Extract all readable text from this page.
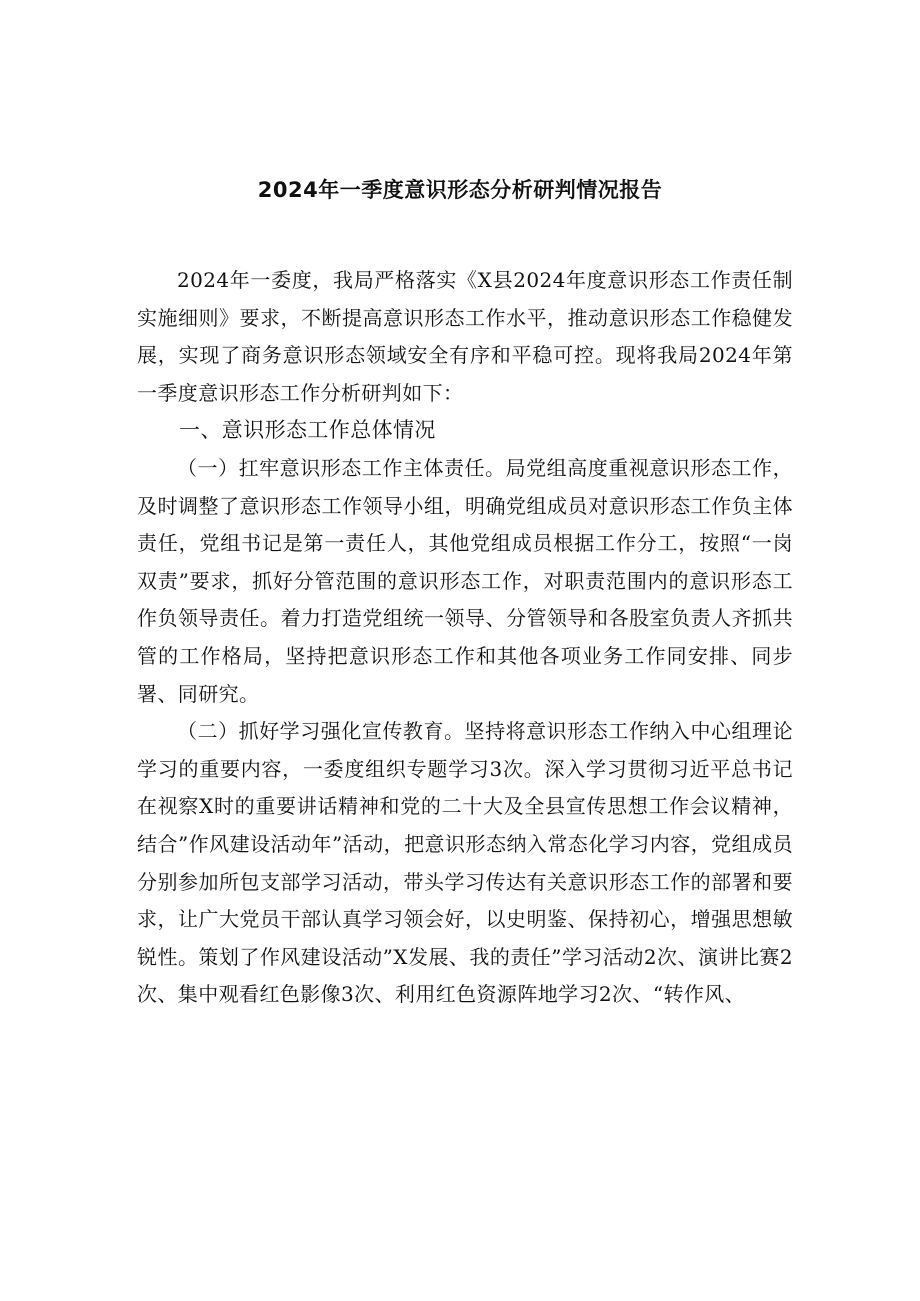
2024年一季度意识形态分析研判情况报告

2024年一委度，我局严格落实《X县2024年度意识形态工作责任制实施细则》要求，不断提高意识形态工作水平，推动意识形态工作稳健发展，实现了商务意识形态领域安全有序和平稳可控。现将我局2024年第一季度意识形态工作分析研判如下：

一、意识形态工作总体情况

（一）扛牢意识形态工作主体责任。局党组高度重视意识形态工作，及时调整了意识形态工作领导小组，明确党组成员对意识形态工作负主体责任，党组书记是第一责任人，其他党组成员根据工作分工，按照“一岗双责”要求，抓好分管范围的意识形态工作，对职责范围内的意识形态工作负领导责任。着力打造党组统一领导、分管领导和各股室负责人齐抓共管的工作格局，坚持把意识形态工作和其他各项业务工作同安排、同步署、同研究。

（二）抓好学习强化宣传教育。坚持将意识形态工作纳入中心组理论学习的重要内容，一委度组织专题学习3次。深入学习贯彻习近平总书记在视察X时的重要讲话精神和党的二十大及全县宣传思想工作会议精神，结合”作风建设活动年”活动，把意识形态纳入常态化学习内容，党组成员分别参加所包支部学习活动，带头学习传达有关意识形态工作的部署和要求，让广大党员干部认真学习领会好，以史明鉴、保持初心，增强思想敏锐性。策划了作风建设活动”X发展、我的责任”学习活动2次、演讲比赛2次、集中观看红色影像3次、利用红色资源阵地学习2次、“转作风、
